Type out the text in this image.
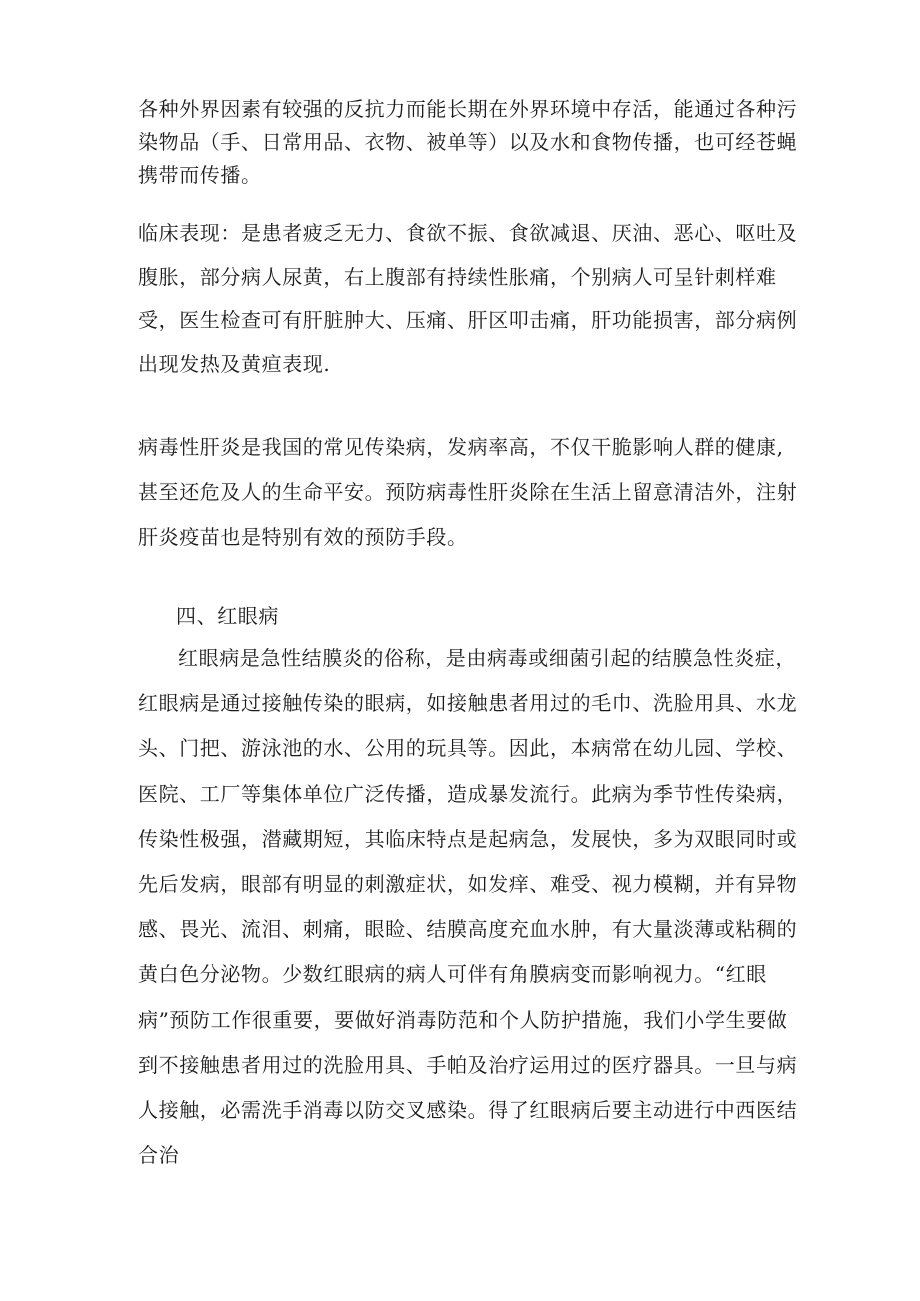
各种外界因素有较强的反抗力而能长期在外界环境中存活，能通过各种污染物品（手、日常用品、衣物、被单等）以及水和食物传播，也可经苍蝇携带而传播。

临床表现：是患者疲乏无力、食欲不振、食欲减退、厌油、恶心、呕吐及腹胀，部分病人尿黄，右上腹部有持续性胀痛，个别病人可呈针刺样难受，医生检查可有肝脏肿大、压痛、肝区叩击痛，肝功能损害，部分病例出现发热及黄疸表现.

病毒性肝炎是我国的常见传染病，发病率高，不仅干脆影响人群的健康,甚至还危及人的生命平安。预防病毒性肝炎除在生活上留意清洁外，注射肝炎疫苗也是特别有效的预防手段。

四、红眼病

红眼病是急性结膜炎的俗称，是由病毒或细菌引起的结膜急性炎症，红眼病是通过接触传染的眼病，如接触患者用过的毛巾、洗脸用具、水龙头、门把、游泳池的水、公用的玩具等。因此，本病常在幼儿园、学校、医院、工厂等集体单位广泛传播，造成暴发流行。此病为季节性传染病，传染性极强，潜藏期短，其临床特点是起病急，发展快，多为双眼同时或先后发病，眼部有明显的刺激症状，如发痒、难受、视力模糊，并有异物感、畏光、流泪、刺痛，眼睑、结膜高度充血水肿，有大量淡薄或粘稠的黄白色分泌物。少数红眼病的病人可伴有角膜病变而影响视力。“红眼病”预防工作很重要，要做好消毒防范和个人防护措施，我们小学生要做到不接触患者用过的洗脸用具、手帕及治疗运用过的医疗器具。一旦与病人接触，必需洗手消毒以防交叉感染。得了红眼病后要主动进行中西医结合治
